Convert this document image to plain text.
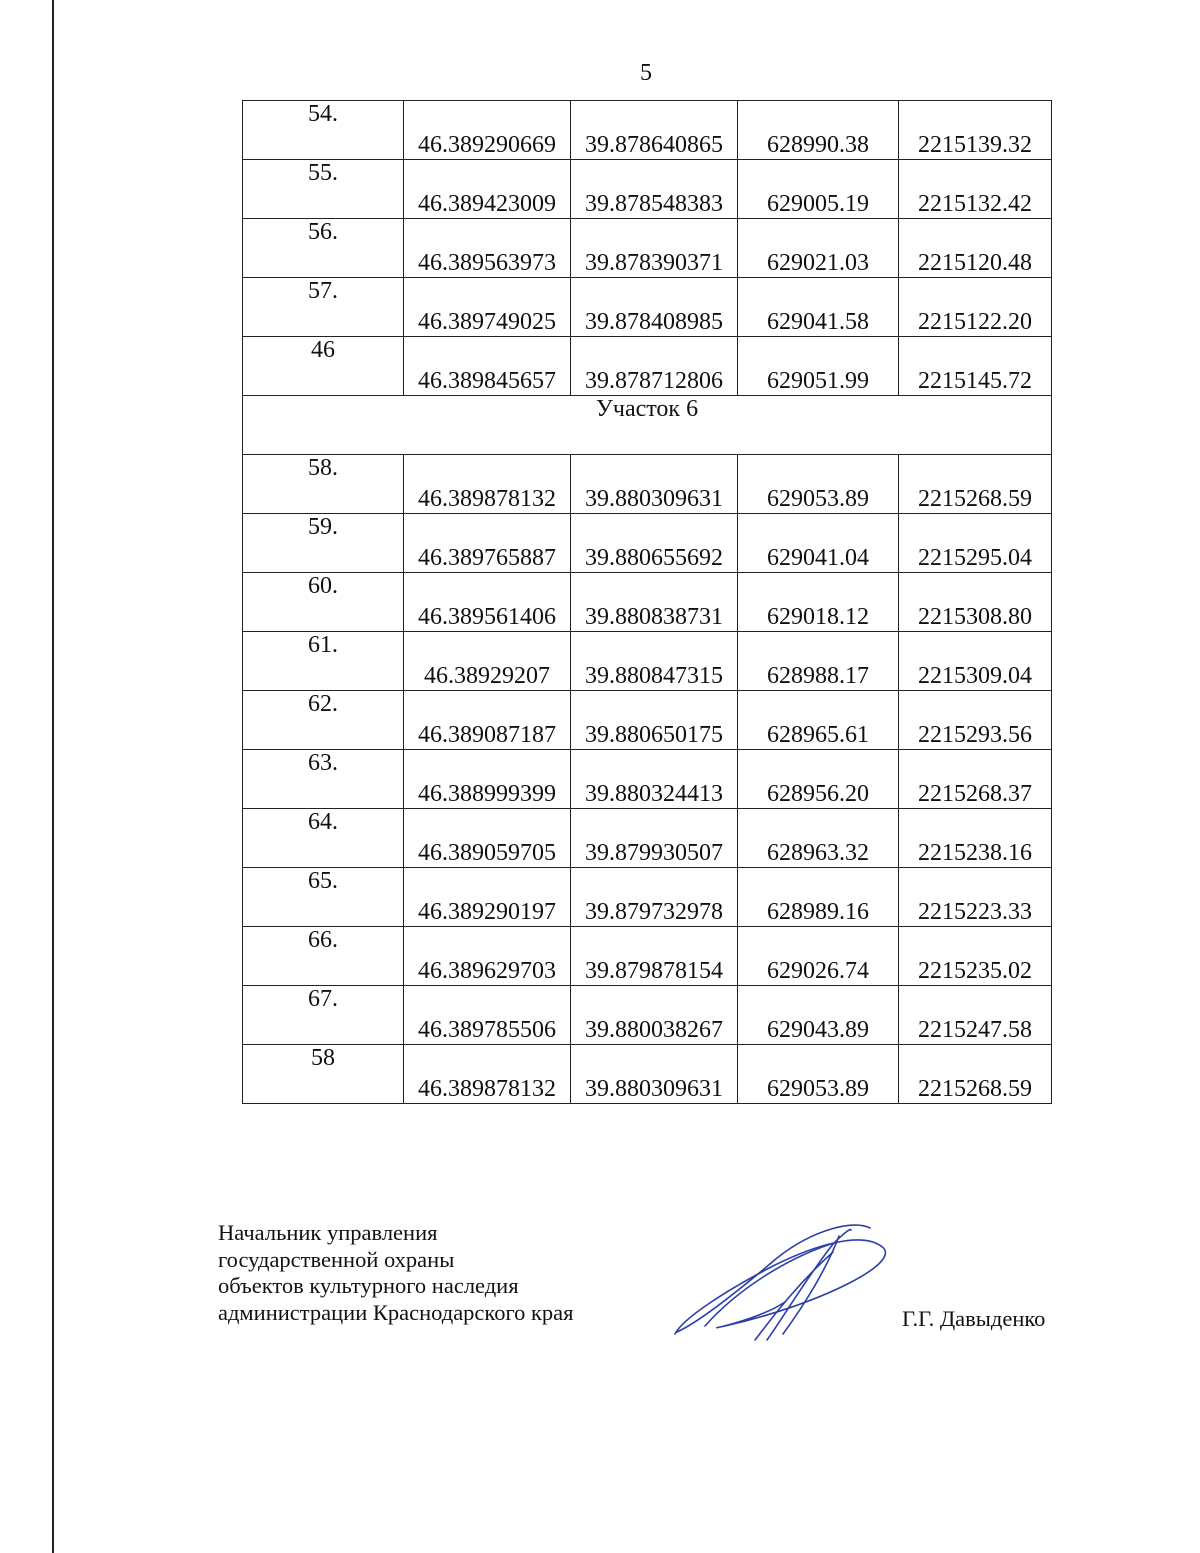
5
54.	46.389290669	39.878640865	628990.38	2215139.32
55.	46.389423009	39.878548383	629005.19	2215132.42
56.	46.389563973	39.878390371	629021.03	2215120.48
57.	46.389749025	39.878408985	629041.58	2215122.20
46	46.389845657	39.878712806	629051.99	2215145.72
Участок 6				
58.	46.389878132	39.880309631	629053.89	2215268.59
59.	46.389765887	39.880655692	629041.04	2215295.04
60.	46.389561406	39.880838731	629018.12	2215308.80
61.	46.38929207	39.880847315	628988.17	2215309.04
62.	46.389087187	39.880650175	628965.61	2215293.56
63.	46.388999399	39.880324413	628956.20	2215268.37
64.	46.389059705	39.879930507	628963.32	2215238.16
65.	46.389290197	39.879732978	628989.16	2215223.33
66.	46.389629703	39.879878154	629026.74	2215235.02
67.	46.389785506	39.880038267	629043.89	2215247.58
58	46.389878132	39.880309631	629053.89	2215268.59
Начальник управления
государственной охраны
объектов культурного наследия
администрации Краснодарского края	Г.Г. Давыденко
